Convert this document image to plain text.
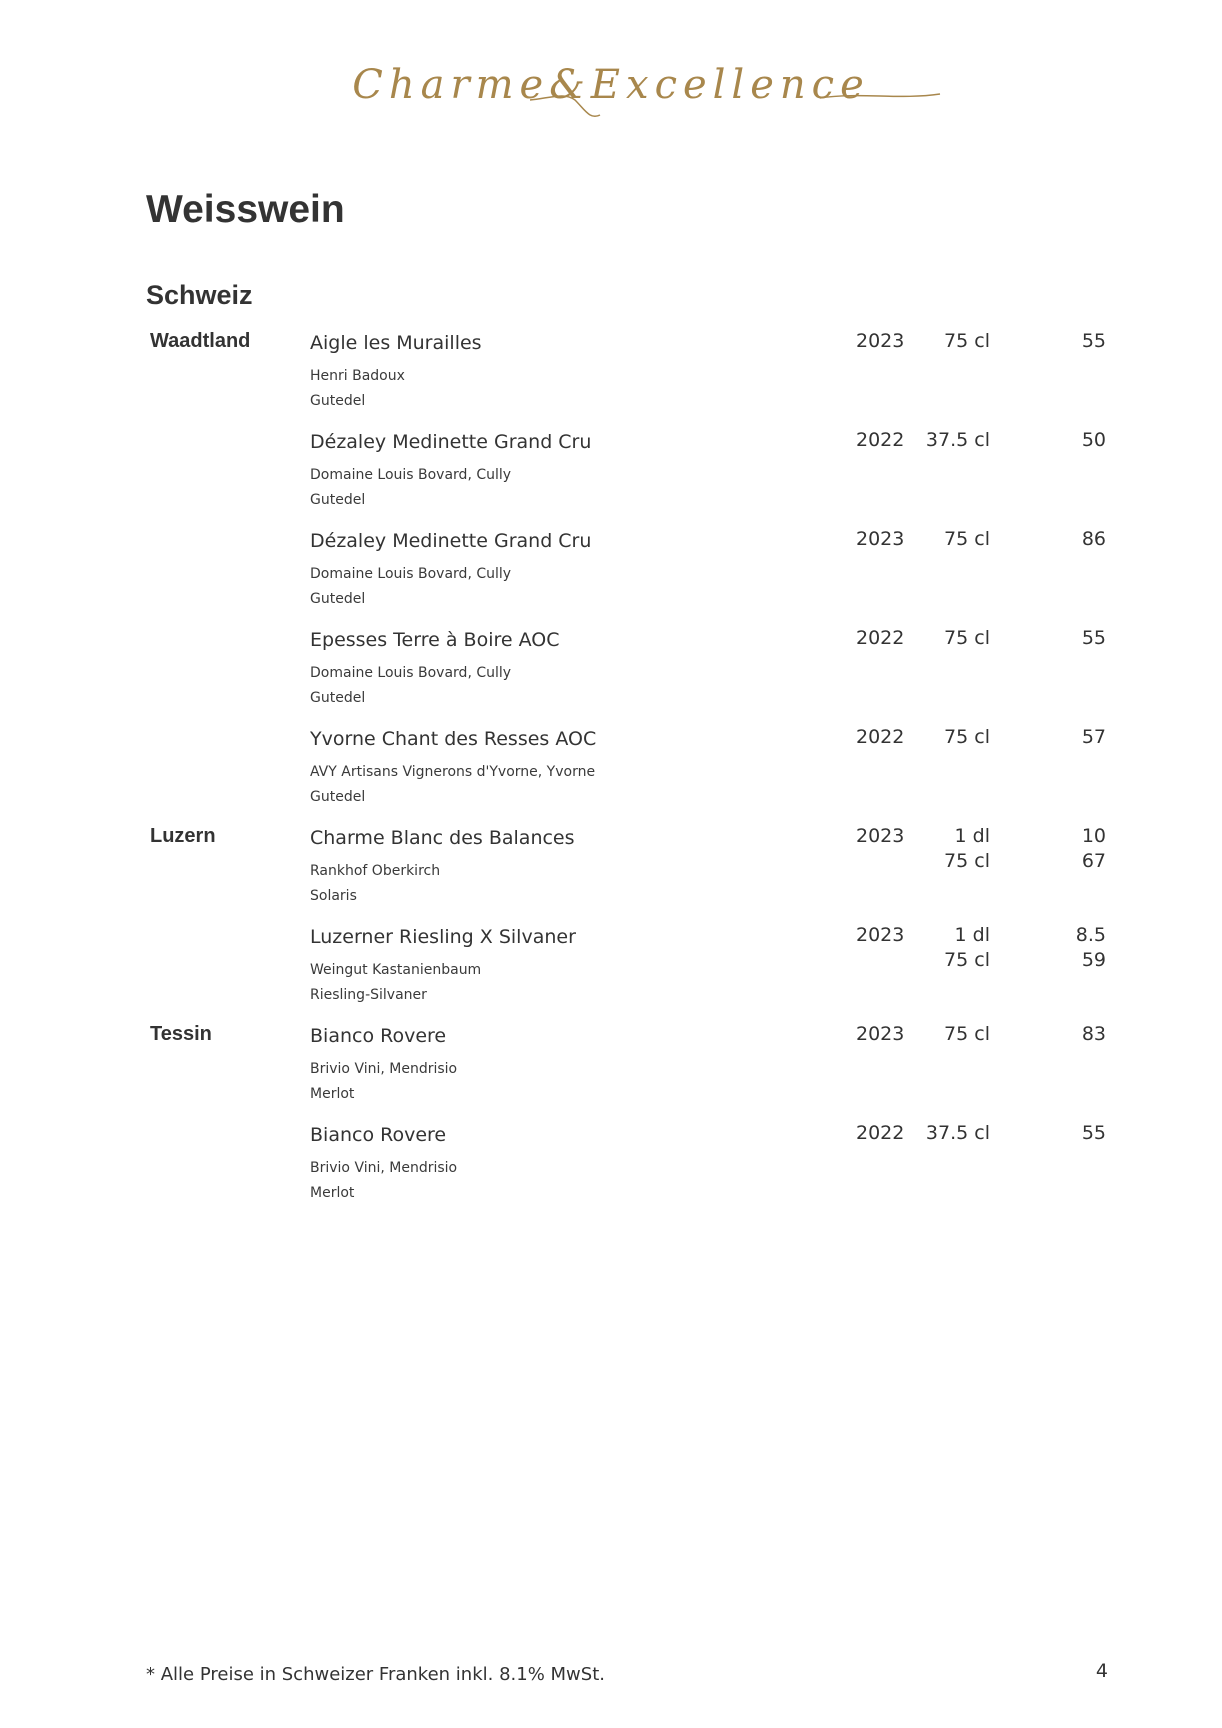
Charme&Excellence
Weisswein
Schweiz
Waadtland	Aigle les Murailles
Henri Badoux
Gutedel
2023 75 cl	55
Dézaley Medinette Grand Cru
Domaine Louis Bovard, Cully
Gutedel
2022 37.5 cl	50
Dézaley Medinette Grand Cru
Domaine Louis Bovard, Cully
Gutedel
2023 75 cl	86
Epesses Terre à Boire AOC
Domaine Louis Bovard, Cully
Gutedel
2022 75 cl	55
Yvorne Chant des Resses AOC
AVY Artisans Vignerons d'Yvorne, Yvorne
Gutedel
2022 75 cl	57
Luzern	Charme Blanc des Balances
Rankhof Oberkirch
Solaris
2023	1 dl	10
75 cl	67
Luzerner Riesling X Silvaner
Weingut Kastanienbaum
Riesling-Silvaner
2023	1 dl	8.5
75 cl	59
Tessin	Bianco Rovere
Brivio Vini, Mendrisio
Merlot
2023 75 cl	83
Bianco Rovere
Brivio Vini, Mendrisio
Merlot
2022 37.5 cl	55
* Alle Preise in Schweizer Franken inkl. 8.1% MwSt.	4
